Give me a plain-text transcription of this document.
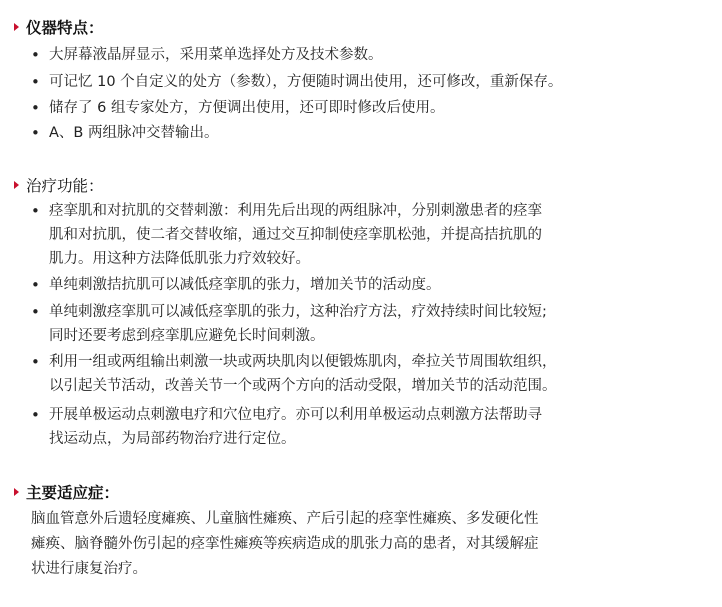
仪器特点：
• 大屏幕液晶屏显示，采用菜单选择处方及技术参数。
• 可记忆 10 个自定义的处方（参数），方便随时调出使用，还可修改，重新保存。
• 储存了 6 组专家处方，方便调出使用，还可即时修改后使用。
• A、B 两组脉冲交替输出。
治疗功能：
• 痉挛肌和对抗肌的交替刺激：利用先后出现的两组脉冲，分别刺激患者的痉挛
肌和对抗肌，使二者交替收缩，通过交互抑制使痉挛肌松弛，并提高拮抗肌的
肌力。用这种方法降低肌张力疗效较好。
• 单纯刺激拮抗肌可以减低痉挛肌的张力，增加关节的活动度。
• 单纯刺激痉挛肌可以减低痉挛肌的张力，这种治疗方法，疗效持续时间比较短;
同时还要考虑到痉挛肌应避免长时间刺激。
• 利用一组或两组输出刺激一块或两块肌肉以便锻炼肌肉，牵拉关节周围软组织，
以引起关节活动，改善关节一个或两个方向的活动受限，增加关节的活动范围。
• 开展单极运动点刺激电疗和穴位电疗。亦可以利用单极运动点刺激方法帮助寻
找运动点，为局部药物治疗进行定位。
主要适应症：
脑血管意外后遗轻度瘫痪、儿童脑性瘫痪、产后引起的痉挛性瘫痪、多发硬化性
瘫痪、脑脊髓外伤引起的痉挛性瘫痪等疾病造成的肌张力高的患者，对其缓解症
状进行康复治疗。
